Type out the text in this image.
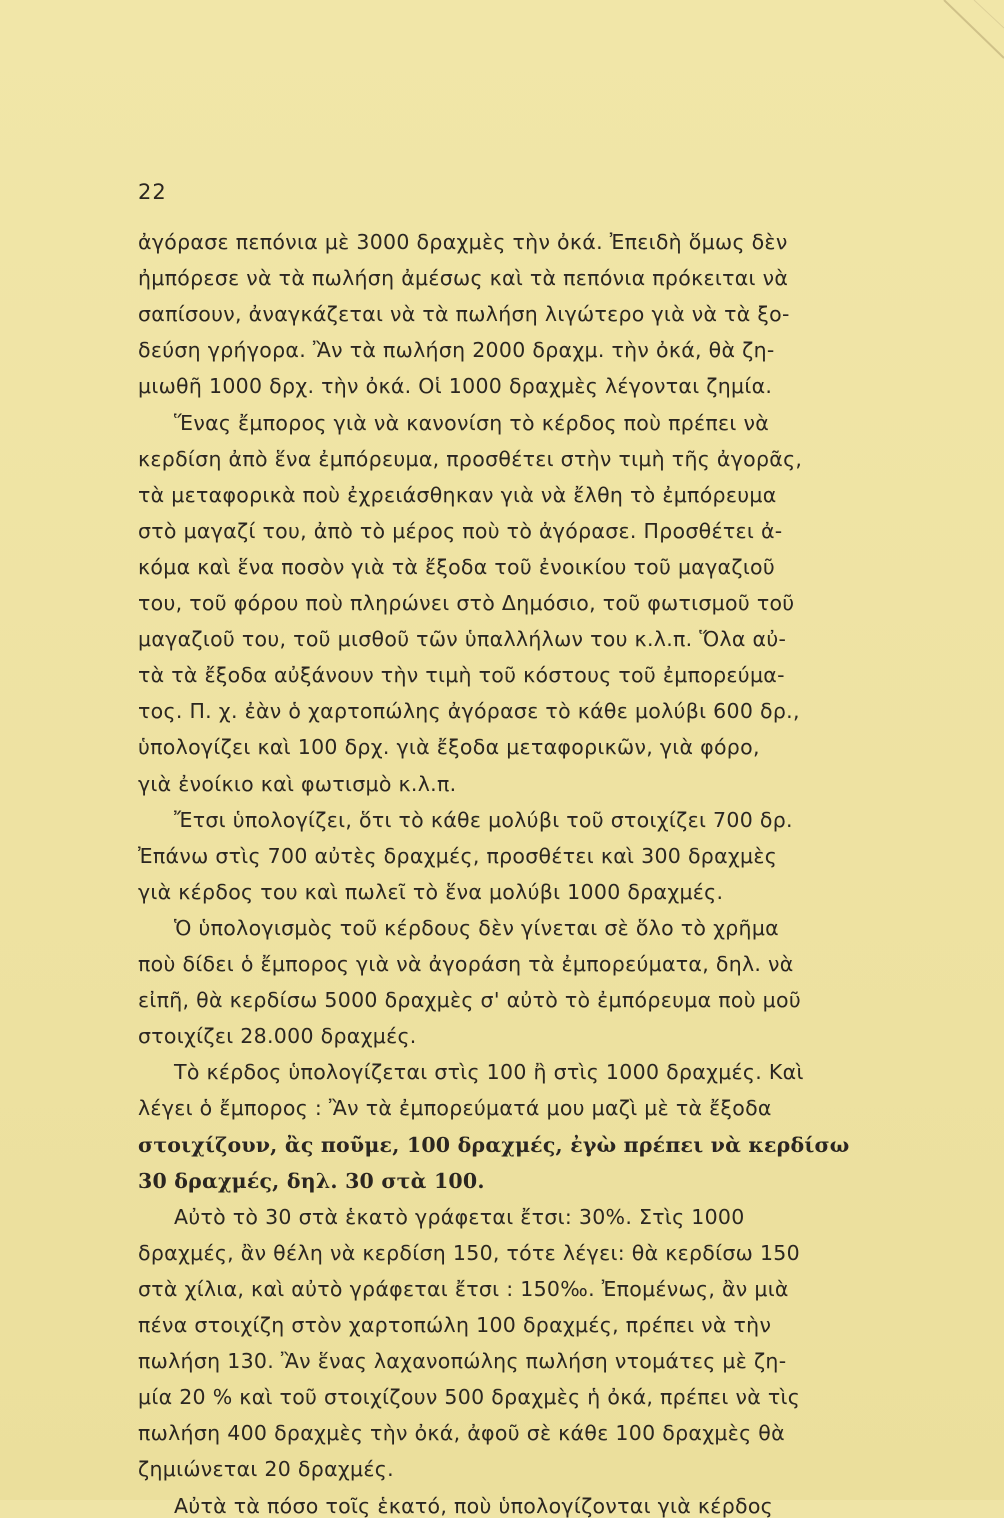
22
ἀγόρασε πεπόνια μὲ 3000 δραχμὲς τὴν ὀκά. Ἐπειδὴ ὅμως δὲν
ἠμπόρεσε νὰ τὰ πωλήση ἀμέσως καὶ τὰ πεπόνια πρόκειται νὰ
σαπίσουν, ἀναγκάζεται νὰ τὰ πωλήση λιγώτερο γιὰ νὰ τὰ ξο-
δεύση γρήγορα. Ἂν τὰ πωλήση 2000 δραχμ. τὴν ὀκά, θὰ ζη-
μιωθῆ 1000 δρχ. τὴν ὀκά. Οἱ 1000 δραχμὲς λέγονται ζημία.
Ἕνας ἔμπορος γιὰ νὰ κανονίση τὸ κέρδος ποὺ πρέπει νὰ
κερδίση ἀπὸ ἕνα ἐμπόρευμα, προσθέτει στὴν τιμὴ τῆς ἀγορᾶς,
τὰ μεταφορικὰ ποὺ ἐχρειάσθηκαν γιὰ νὰ ἔλθη τὸ ἐμπόρευμα
στὸ μαγαζί του, ἀπὸ τὸ μέρος ποὺ τὸ ἀγόρασε. Προσθέτει ἀ-
κόμα καὶ ἕνα ποσὸν γιὰ τὰ ἔξοδα τοῦ ἐνοικίου τοῦ μαγαζιοῦ
του, τοῦ φόρου ποὺ πληρώνει στὸ Δημόσιο, τοῦ φωτισμοῦ τοῦ
μαγαζιοῦ του, τοῦ μισθοῦ τῶν ὑπαλλήλων του κ.λ.π. Ὅλα αὐ-
τὰ τὰ ἔξοδα αὐξάνουν τὴν τιμὴ τοῦ κόστους τοῦ ἐμπορεύμα-
τος. Π. χ. ἐὰν ὁ χαρτοπώλης ἀγόρασε τὸ κάθε μολύβι 600 δρ.,
ὑπολογίζει καὶ 100 δρχ. γιὰ ἔξοδα μεταφορικῶν, γιὰ φόρο,
γιὰ ἐνοίκιο καὶ φωτισμὸ κ.λ.π.
Ἔτσι ὑπολογίζει, ὅτι τὸ κάθε μολύβι τοῦ στοιχίζει 700 δρ.
Ἐπάνω στὶς 700 αὐτὲς δραχμές, προσθέτει καὶ 300 δραχμὲς
γιὰ κέρδος του καὶ πωλεῖ τὸ ἕνα μολύβι 1000 δραχμές.
Ὁ ὑπολογισμὸς τοῦ κέρδους δὲν γίνεται σὲ ὅλο τὸ χρῆμα
ποὺ δίδει ὁ ἔμπορος γιὰ νὰ ἀγοράση τὰ ἐμπορεύματα, δηλ. νὰ
εἰπῆ, θὰ κερδίσω 5000 δραχμὲς σ' αὐτὸ τὸ ἐμπόρευμα ποὺ μοῦ
στοιχίζει 28.000 δραχμές.
Τὸ κέρδος ὑπολογίζεται στὶς 100 ἢ στὶς 1000 δραχμές. Καὶ
λέγει ὁ ἔμπορος : Ἂν τὰ ἐμπορεύματά μου μαζὶ μὲ τὰ ἔξοδα
στοιχίζουν, ἂς ποῦμε, 100 δραχμές, ἐγὼ πρέπει νὰ κερδίσω
30 δραχμές, δηλ. 30 στὰ 100.
Αὐτὸ τὸ 30 στὰ ἑκατὸ γράφεται ἔτσι: 30%. Στὶς 1000
δραχμές, ἂν θέλη νὰ κερδίση 150, τότε λέγει: θὰ κερδίσω 150
στὰ χίλια, καὶ αὐτὸ γράφεται ἔτσι : 150‰. Ἐπομένως, ἂν μιὰ
πένα στοιχίζη στὸν χαρτοπώλη 100 δραχμές, πρέπει νὰ τὴν
πωλήση 130. Ἂν ἕνας λαχανοπώλης πωλήση ντομάτες μὲ ζη-
μία 20 % καὶ τοῦ στοιχίζουν 500 δραχμὲς ἡ ὀκά, πρέπει νὰ τὶς
πωλήση 400 δραχμὲς τὴν ὀκά, ἀφοῦ σὲ κάθε 100 δραχμὲς θὰ
ζημιώνεται 20 δραχμές.
Αὐτὰ τὰ πόσο τοῖς ἑκατό, ποὺ ὑπολογίζονται γιὰ κέρδος
